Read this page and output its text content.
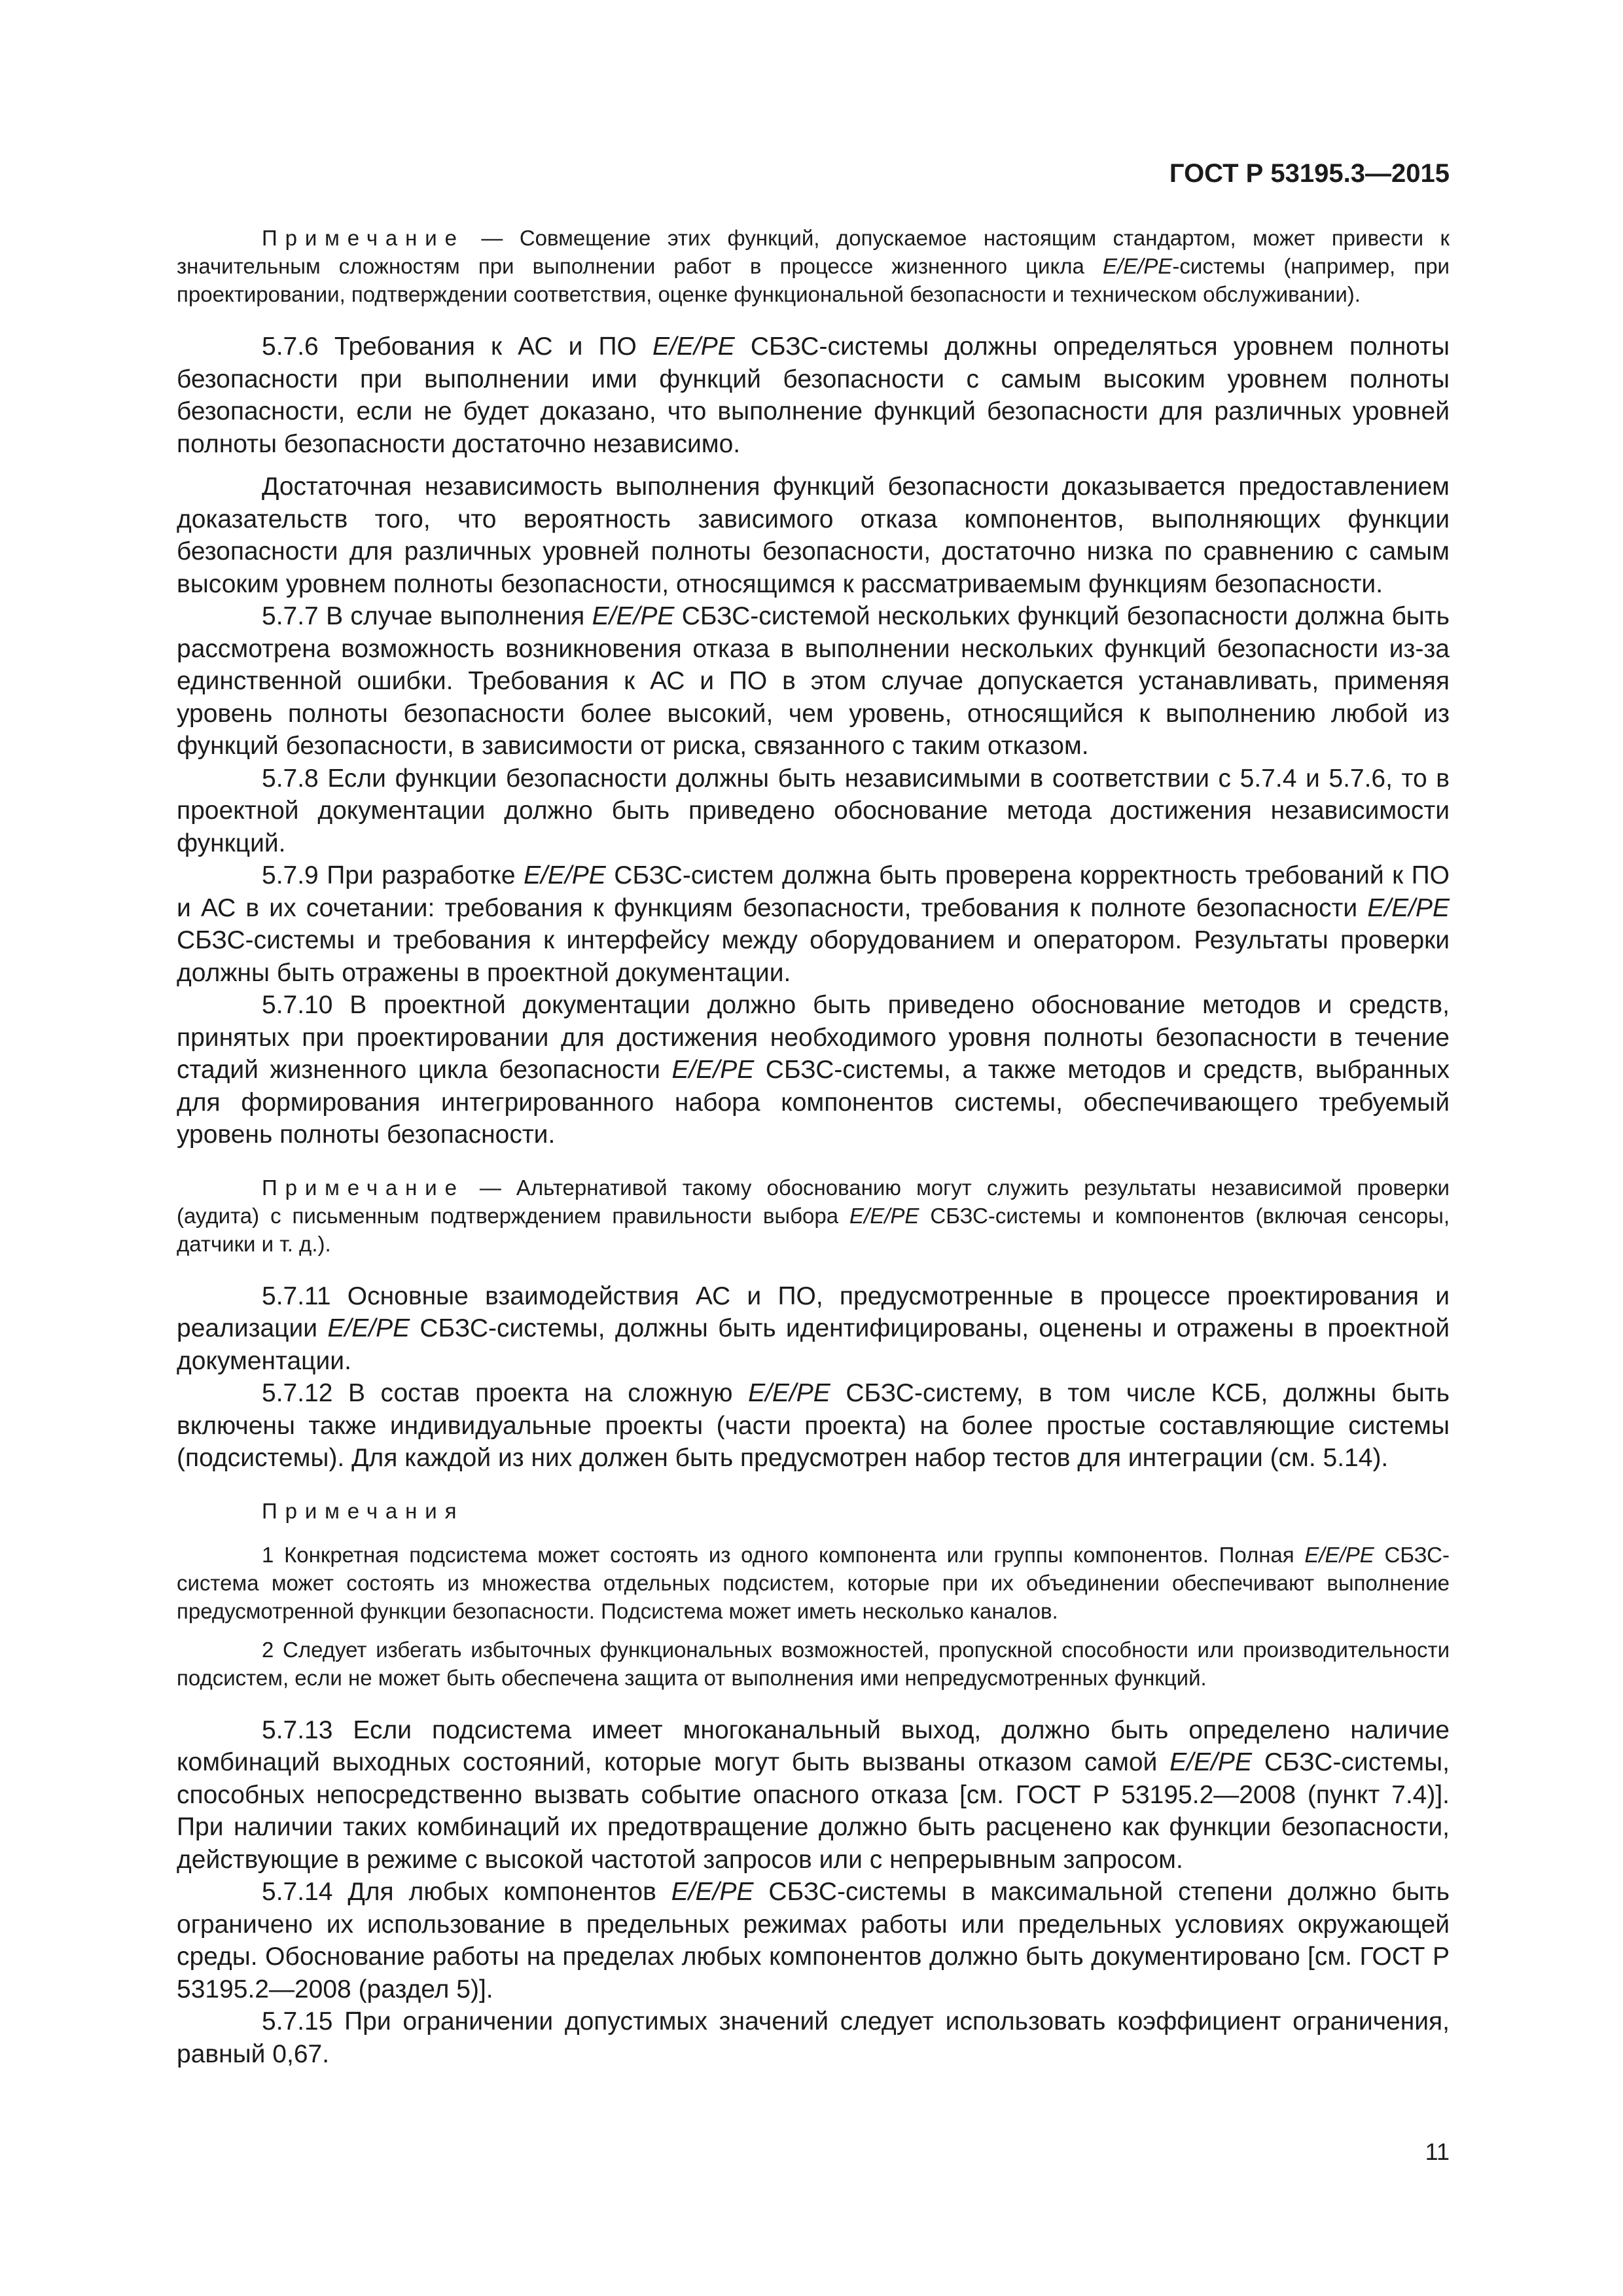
ГОСТ Р 53195.3—2015

Примечание — Совмещение этих функций, допускаемое настоящим стандартом, может привести к значительным сложностям при выполнении работ в процессе жизненного цикла E/E/PE-системы (например, при проектировании, подтверждении соответствия, оценке функциональной безопасности и техническом обслуживании).

5.7.6 Требования к АС и ПО E/E/PE СБЗС-системы должны определяться уровнем полноты безопасности при выполнении ими функций безопасности с самым высоким уровнем полноты безопасности, если не будет доказано, что выполнение функций безопасности для различных уровней полноты безопасности достаточно независимо.

Достаточная независимость выполнения функций безопасности доказывается предоставлением доказательств того, что вероятность зависимого отказа компонентов, выполняющих функции безопасности для различных уровней полноты безопасности, достаточно низка по сравнению с самым высоким уровнем полноты безопасности, относящимся к рассматриваемым функциям безопасности.

5.7.7 В случае выполнения E/E/PE СБЗС-системой нескольких функций безопасности должна быть рассмотрена возможность возникновения отказа в выполнении нескольких функций безопасности из-за единственной ошибки. Требования к АС и ПО в этом случае допускается устанавливать, применяя уровень полноты безопасности более высокий, чем уровень, относящийся к выполнению любой из функций безопасности, в зависимости от риска, связанного с таким отказом.

5.7.8 Если функции безопасности должны быть независимыми в соответствии с 5.7.4 и 5.7.6, то в проектной документации должно быть приведено обоснование метода достижения независимости функций.

5.7.9 При разработке E/E/PE СБЗС-систем должна быть проверена корректность требований к ПО и АС в их сочетании: требования к функциям безопасности, требования к полноте безопасности E/E/PE СБЗС-системы и требования к интерфейсу между оборудованием и оператором. Результаты проверки должны быть отражены в проектной документации.

5.7.10 В проектной документации должно быть приведено обоснование методов и средств, принятых при проектировании для достижения необходимого уровня полноты безопасности в течение стадий жизненного цикла безопасности E/E/PE СБЗС-системы, а также методов и средств, выбранных для формирования интегрированного набора компонентов системы, обеспечивающего требуемый уровень полноты безопасности.

Примечание — Альтернативой такому обоснованию могут служить результаты независимой проверки (аудита) с письменным подтверждением правильности выбора E/E/PE СБЗС-системы и компонентов (включая сенсоры, датчики и т. д.).

5.7.11 Основные взаимодействия АС и ПО, предусмотренные в процессе проектирования и реализации E/E/PE СБЗС-системы, должны быть идентифицированы, оценены и отражены в проектной документации.

5.7.12 В состав проекта на сложную E/E/PE СБЗС-систему, в том числе КСБ, должны быть включены также индивидуальные проекты (части проекта) на более простые составляющие системы (подсистемы). Для каждой из них должен быть предусмотрен набор тестов для интеграции (см. 5.14).

Примечания

1 Конкретная подсистема может состоять из одного компонента или группы компонентов. Полная E/E/PE СБЗС-система может состоять из множества отдельных подсистем, которые при их объединении обеспечивают выполнение предусмотренной функции безопасности. Подсистема может иметь несколько каналов.

2 Следует избегать избыточных функциональных возможностей, пропускной способности или производительности подсистем, если не может быть обеспечена защита от выполнения ими непредусмотренных функций.

5.7.13 Если подсистема имеет многоканальный выход, должно быть определено наличие комбинаций выходных состояний, которые могут быть вызваны отказом самой E/E/PE СБЗС-системы, способных непосредственно вызвать событие опасного отказа [см. ГОСТ Р 53195.2—2008 (пункт 7.4)]. При наличии таких комбинаций их предотвращение должно быть расценено как функции безопасности, действующие в режиме с высокой частотой запросов или с непрерывным запросом.

5.7.14 Для любых компонентов E/E/PE СБЗС-системы в максимальной степени должно быть ограничено их использование в предельных режимах работы или предельных условиях окружающей среды. Обоснование работы на пределах любых компонентов должно быть документировано [см. ГОСТ Р 53195.2—2008 (раздел 5)].

5.7.15 При ограничении допустимых значений следует использовать коэффициент ограничения, равный 0,67.

11
